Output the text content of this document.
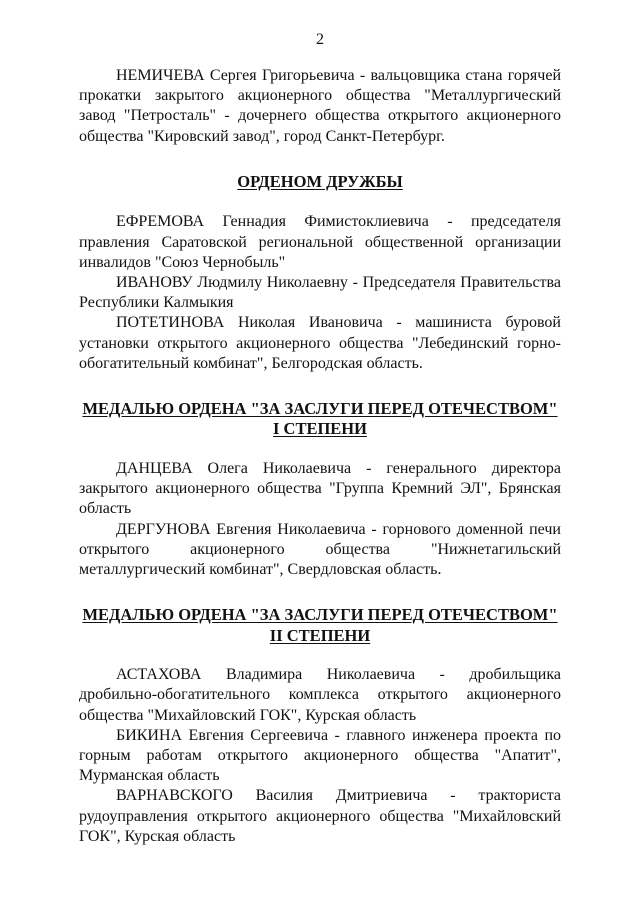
2

НЕМИЧЕВА Сергея Григорьевича - вальцовщика стана горячей прокатки закрытого акционерного общества "Металлургический завод "Петросталь" - дочернего общества открытого акционерного общества "Кировский завод", город Санкт-Петербург.

ОРДЕНОМ ДРУЖБЫ

ЕФРЕМОВА Геннадия Фимистоклиевича - председателя правления Саратовской региональной общественной организации инвалидов "Союз Чернобыль"

ИВАНОВУ Людмилу Николаевну - Председателя Правительства Республики Калмыкия

ПОТЕТИНОВА Николая Ивановича - машиниста буровой установки открытого акционерного общества "Лебединский горно-обогатительный комбинат", Белгородская область.

МЕДАЛЬЮ ОРДЕНА "ЗА ЗАСЛУГИ ПЕРЕД ОТЕЧЕСТВОМ"
I СТЕПЕНИ

ДАНЦЕВА Олега Николаевича - генерального директора закрытого акционерного общества "Группа Кремний ЭЛ", Брянская область

ДЕРГУНОВА Евгения Николаевича - горнового доменной печи открытого акционерного общества "Нижнетагильский металлургический комбинат", Свердловская область.

МЕДАЛЬЮ ОРДЕНА "ЗА ЗАСЛУГИ ПЕРЕД ОТЕЧЕСТВОМ"
II СТЕПЕНИ

АСТАХОВА Владимира Николаевича - дробильщика дробильно-обогатительного комплекса открытого акционерного общества "Михайловский ГОК", Курская область

БИКИНА Евгения Сергеевича - главного инженера проекта по горным работам открытого акционерного общества "Апатит", Мурманская область

ВАРНАВСКОГО Василия Дмитриевича - тракториста рудоуправления открытого акционерного общества "Михайловский ГОК", Курская область
